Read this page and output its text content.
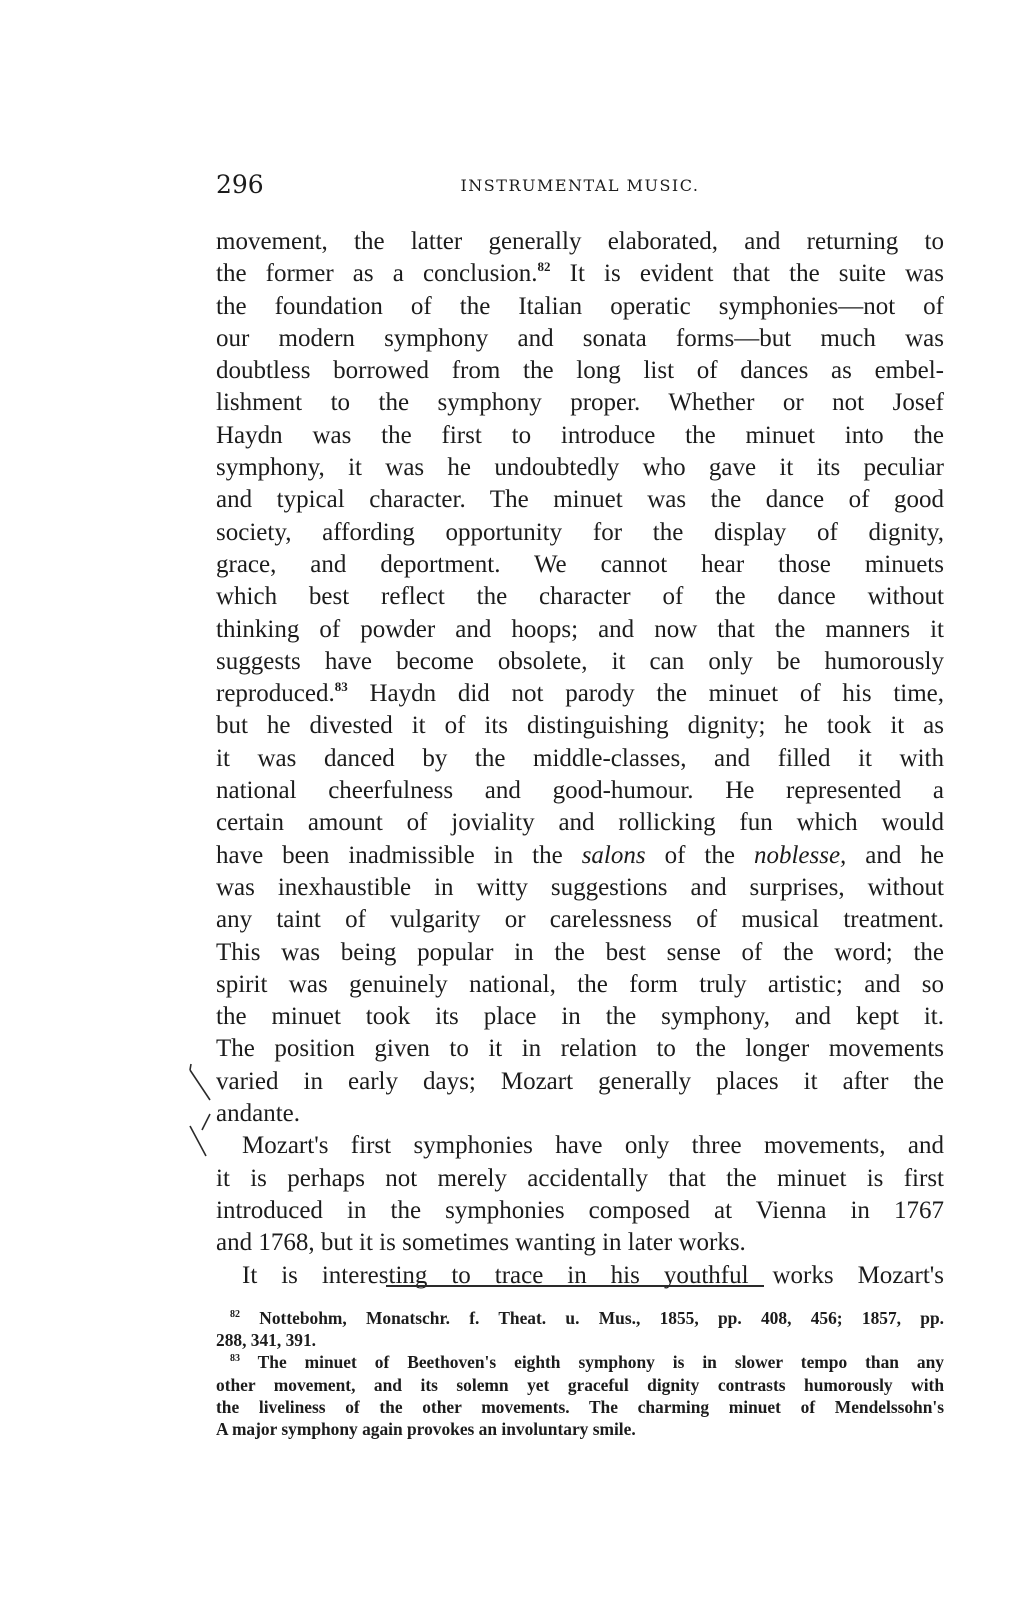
296	INSTRUMENTAL MUSIC.
movement, the latter generally elaborated, and returning to
the former as a conclusion.$^{82}$ It is evident that the suite was
the foundation of the Italian operatic symphonies—not of
our modern symphony and sonata forms—but much was
doubtless borrowed from the long list of dances as embel-
lishment to the symphony proper. Whether or not Josef
Haydn was the first to introduce the minuet into the
symphony, it was he undoubtedly who gave it its peculiar
and typical character. The minuet was the dance of good
society, affording opportunity for the display of dignity,
grace, and deportment. We cannot hear those minuets
which best reflect the character of the dance without
thinking of powder and hoops; and now that the manners it
suggests have become obsolete, it can only be humorously
reproduced.$^{83}$ Haydn did not parody the minuet of his time,
but he divested it of its distinguishing dignity; he took it as
it was danced by the middle-classes, and filled it with
national cheerfulness and good-humour. He represented a
certain amount of joviality and rollicking fun which would
have been inadmissible in the salons of the noblesse, and he
was inexhaustible in witty suggestions and surprises, without
any taint of vulgarity or carelessness of musical treatment.
This was being popular in the best sense of the word; the
spirit was genuinely national, the form truly artistic; and so
the minuet took its place in the symphony, and kept it.
The position given to it in relation to the longer movements
varied in early days; Mozart generally places it after the
andante.
Mozart's first symphonies have only three movements, and
it is perhaps not merely accidentally that the minuet is first
introduced in the symphonies composed at Vienna in 1767
and 1768, but it is sometimes wanting in later works.
It is interesting to trace in his youthful works Mozart's
$^{82}$ Nottebohm, Monatschr. f. Theat. u. Mus., 1855, pp. 408, 456; 1857, pp.
288, 341, 391.
$^{83}$ The minuet of Beethoven's eighth symphony is in slower tempo than any
other movement, and its solemn yet graceful dignity contrasts humorously with
the liveliness of the other movements. The charming minuet of Mendelssohn's
A major symphony again provokes an involuntary smile.
